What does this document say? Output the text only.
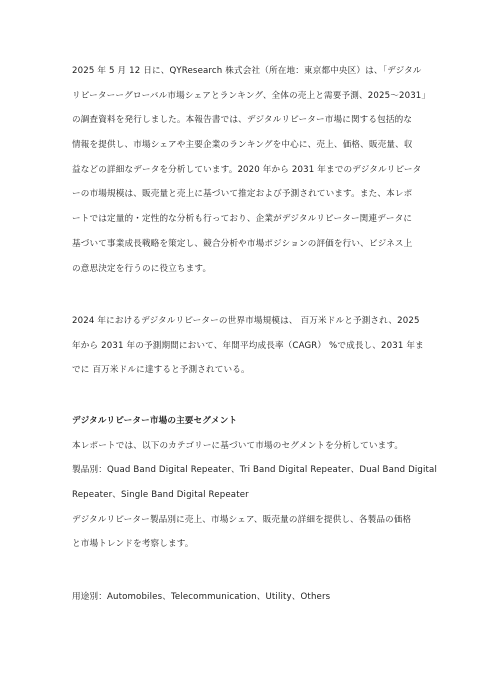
2025 年 5 月 12 日に、QYResearch 株式会社（所在地：東京都中央区）は、「デジタル
リピーターーグローバル市場シェアとランキング、全体の売上と需要予測、2025～2031」
の調査資料を発行しました。本報告書では、デジタルリピーター市場に関する包括的な
情報を提供し、市場シェアや主要企業のランキングを中心に、売上、価格、販売量、収
益などの詳細なデータを分析しています。2020 年から 2031 年までのデジタルリピータ
ーの市場規模は、販売量と売上に基づいて推定および予測されています。また、本レポ
ートでは定量的・定性的な分析も行っており、企業がデジタルリピーター関連データに
基づいて事業成長戦略を策定し、競合分析や市場ポジションの評価を行い、ビジネス上
の意思決定を行うのに役立ちます。
2024 年におけるデジタルリピーターの世界市場規模は、 百万米ドルと予測され、2025
年から 2031 年の予測期間において、年間平均成長率（CAGR） %で成長し、2031 年ま
でに 百万米ドルに達すると予測されている。
デジタルリピーター市場の主要セグメント
本レポートでは、以下のカテゴリーに基づいて市場のセグメントを分析しています。
製品別：Quad Band Digital Repeater、Tri Band Digital Repeater、Dual Band Digital
Repeater、Single Band Digital Repeater
デジタルリピーター製品別に売上、市場シェア、販売量の詳細を提供し、各製品の価格
と市場トレンドを考察します。
用途別：Automobiles、Telecommunication、Utility、Others
